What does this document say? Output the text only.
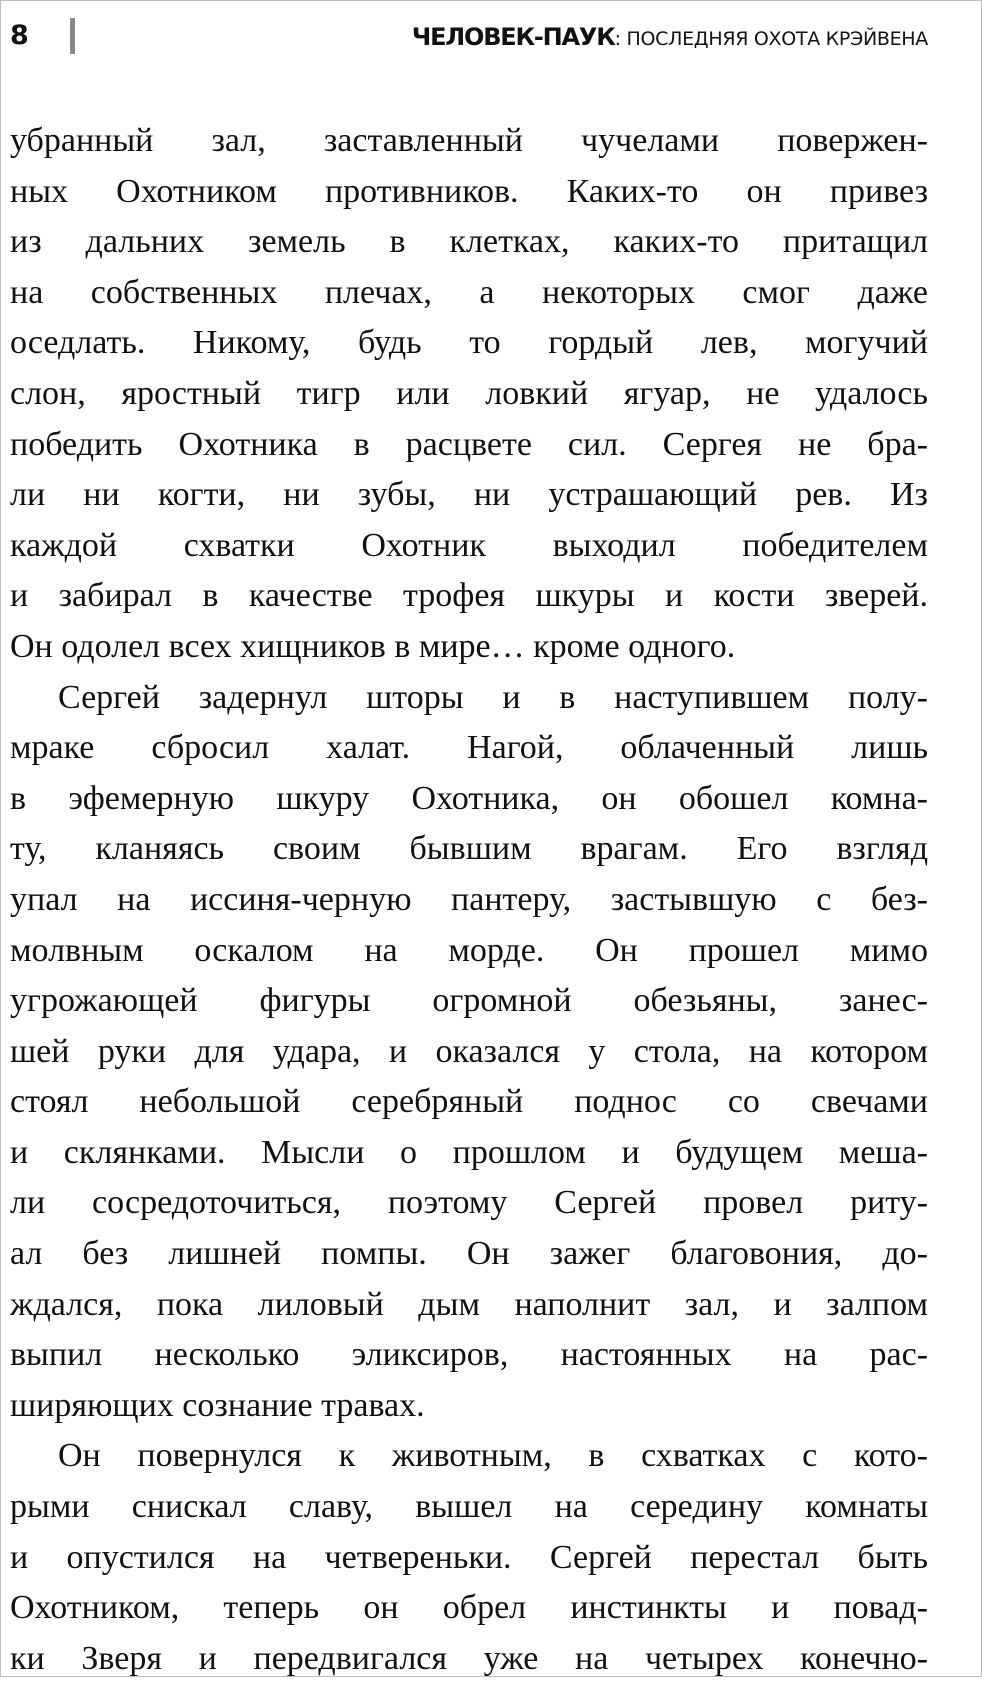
8	ЧЕЛОВЕК-ПАУК: ПОСЛЕДНЯЯ ОХОТА КРЭЙВЕНА
убранный зал, заставленный чучелами повержен-
ных Охотником противников. Каких-то он привез
из дальних земель в клетках, каких-то притащил
на собственных плечах, а некоторых смог даже
оседлать. Никому, будь то гордый лев, могучий
слон, яростный тигр или ловкий ягуар, не удалось
победить Охотника в расцвете сил. Сергея не бра-
ли ни когти, ни зубы, ни устрашающий рев. Из
каждой схватки Охотник выходил победителем
и забирал в качестве трофея шкуры и кости зверей.
Он одолел всех хищников в мире… кроме одного.
Сергей задернул шторы и в наступившем полу-
мраке сбросил халат. Нагой, облаченный лишь
в эфемерную шкуру Охотника, он обошел комна-
ту, кланяясь своим бывшим врагам. Его взгляд
упал на иссиня-черную пантеру, застывшую с без-
молвным оскалом на морде. Он прошел мимо
угрожающей фигуры огромной обезьяны, занес-
шей руки для удара, и оказался у стола, на котором
стоял небольшой серебряный поднос со свечами
и склянками. Мысли о прошлом и будущем меша-
ли сосредоточиться, поэтому Сергей провел риту-
ал без лишней помпы. Он зажег благовония, до-
ждался, пока лиловый дым наполнит зал, и залпом
выпил несколько эликсиров, настоянных на рас-
ширяющих сознание травах.
Он повернулся к животным, в схватках с кото-
рыми снискал славу, вышел на середину комнаты
и опустился на четвереньки. Сергей перестал быть
Охотником, теперь он обрел инстинкты и повад-
ки Зверя и передвигался уже на четырех конечно-
